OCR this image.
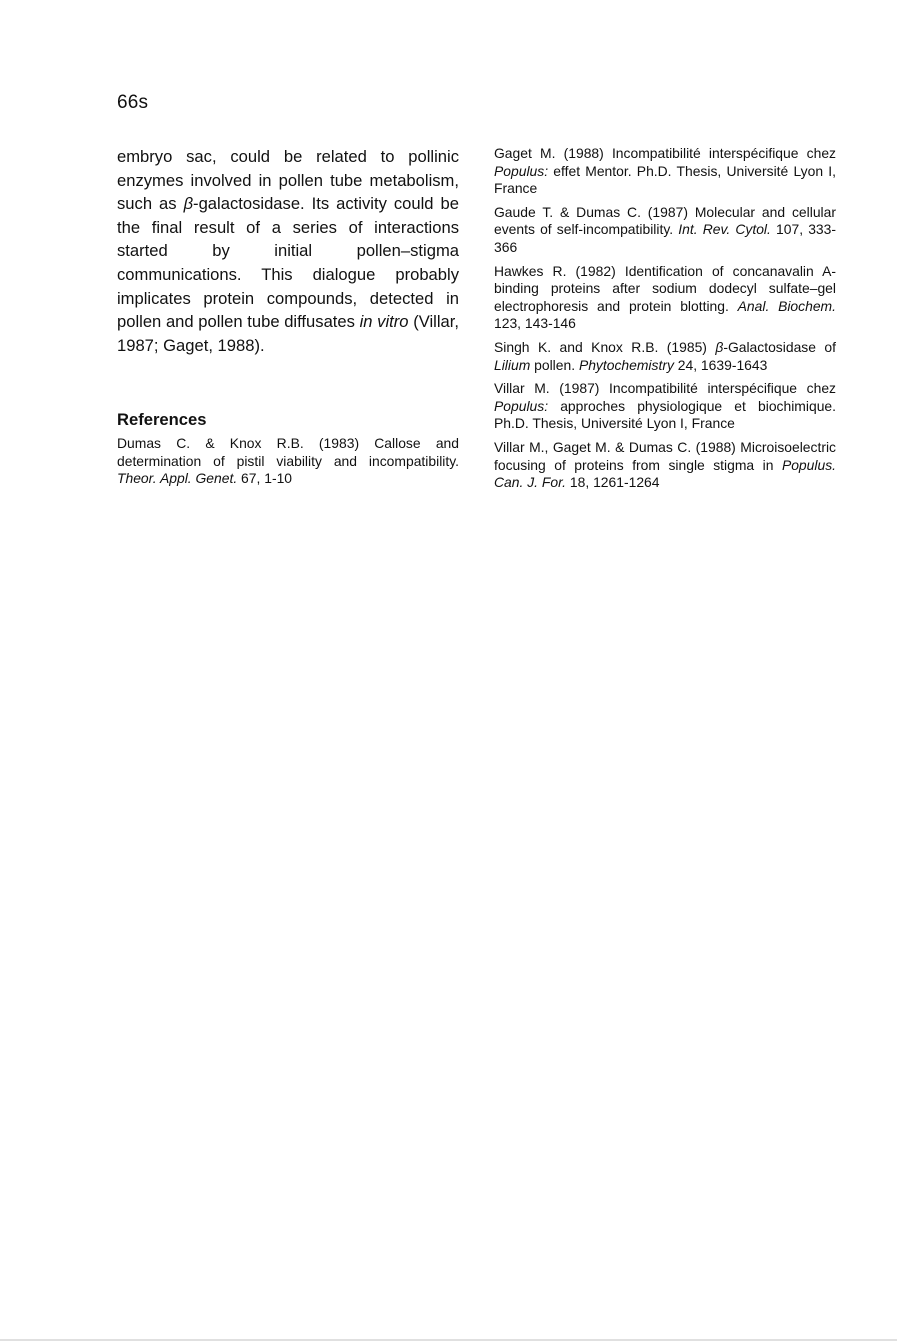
66s

embryo sac, could be related to pollinic enzymes involved in pollen tube metabolism, such as β-galactosidase. Its activity could be the final result of a series of interactions started by initial pollen–stigma communications. This dialogue probably implicates protein compounds, detected in pollen and pollen tube diffusates in vitro (Villar, 1987; Gaget, 1988).

References

Dumas C. & Knox R.B. (1983) Callose and determination of pistil viability and incompatibility. Theor. Appl. Genet. 67, 1-10

Gaget M. (1988) Incompatibilité interspécifique chez Populus: effet Mentor. Ph.D. Thesis, Université Lyon I, France

Gaude T. & Dumas C. (1987) Molecular and cellular events of self-incompatibility. Int. Rev. Cytol. 107, 333-366

Hawkes R. (1982) Identification of concanavalin A-binding proteins after sodium dodecyl sulfate–gel electrophoresis and protein blotting. Anal. Biochem. 123, 143-146

Singh K. and Knox R.B. (1985) β-Galactosidase of Lilium pollen. Phytochemistry 24, 1639-1643

Villar M. (1987) Incompatibilité interspécifique chez Populus: approches physiologique et biochimique. Ph.D. Thesis, Université Lyon I, France

Villar M., Gaget M. & Dumas C. (1988) Microisoelectric focusing of proteins from single stigma in Populus. Can. J. For. 18, 1261-1264
